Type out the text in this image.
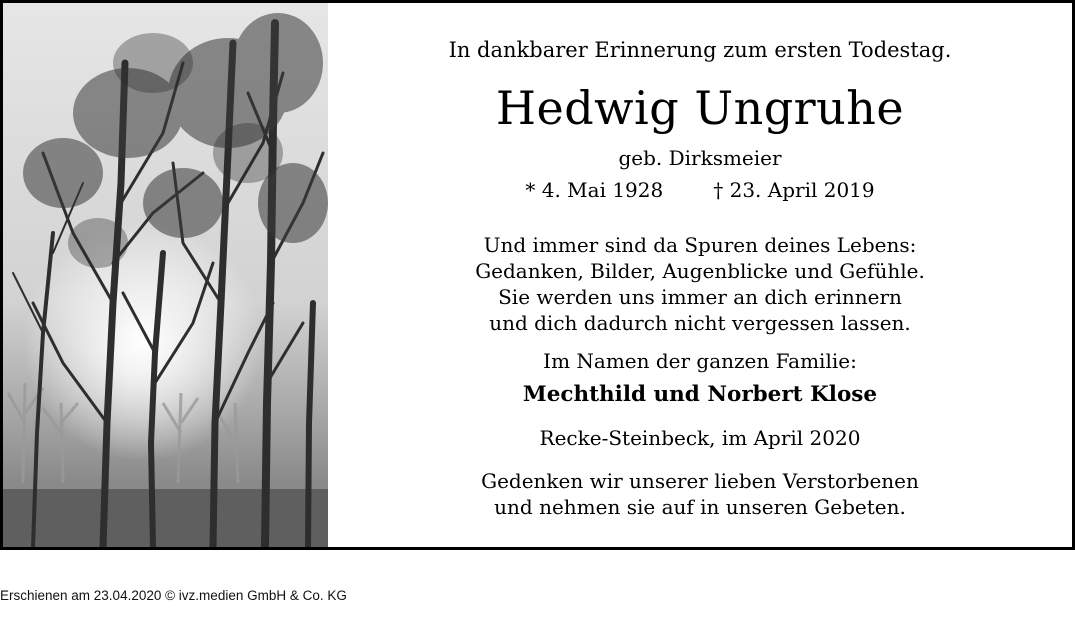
In dankbarer Erinnerung zum ersten Todestag.
Hedwig Ungruhe
geb. Dirksmeier
* 4. Mai 1928	† 23. April 2019
Und immer sind da Spuren deines Lebens:
Gedanken, Bilder, Augenblicke und Gefühle.
Sie werden uns immer an dich erinnern
und dich dadurch nicht vergessen lassen.
Im Namen der ganzen Familie:
Mechthild und Norbert Klose
Recke-Steinbeck, im April 2020
Gedenken wir unserer lieben Verstorbenen
und nehmen sie auf in unseren Gebeten.
Erschienen am 23.04.2020 © ivz.medien GmbH & Co. KG
